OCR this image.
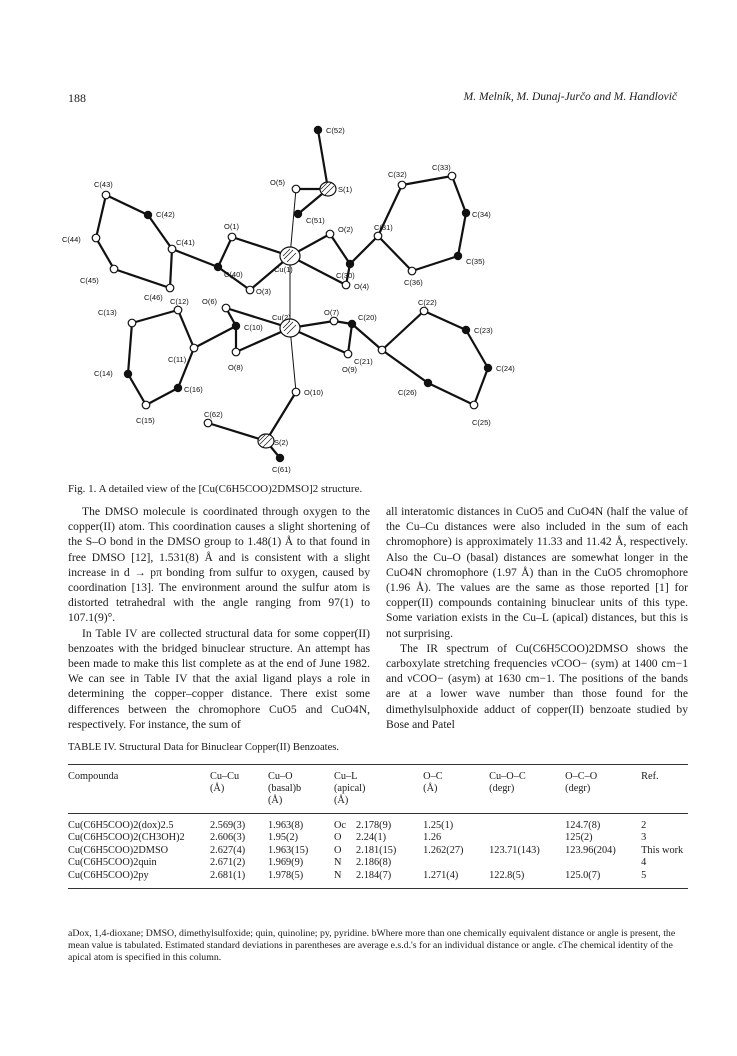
188	M. Melník, M. Dunaj-Jurčo and M. Handlovič
C(52)
C(33)
C(43)	O(5)
S(1)
C(32)
C(42)
C(51)
C(34)
C(44)
O(1)	O(2)	C(31)
C(41)
Cu(1)
C(40)	C(30)
C(35)
C(45)
C(46)
O(3)
O(4)	C(36)
C(12)	C(22)
C(13)
O(6)
O(7)
C(20)
C(10)
Cu(2)
C(23)
C(11)	C(21)
O(8)	O(9)
C(14)
C(24)
C(16)	O(10)	C(26)
C(15)	C(25)
C(62)
S(2)
C(61)
Fig. 1. A detailed view of the [Cu(C6H5COO)2DMSO]2 structure.

The DMSO molecule is coordinated through oxygen to the copper(II) atom. This coordination causes a slight shortening of the S–O bond in the DMSO group to 1.48(1) Å to that found in free DMSO [12], 1.531(8) Å and is consistent with a slight increase in d → pπ bonding from sulfur to oxygen, caused by coordination [13]. The environment around the sulfur atom is distorted tetrahedral with the angle ranging from 97(1) to 107.1(9)°.

In Table IV are collected structural data for some copper(II) benzoates with the bridged binuclear structure. An attempt has been made to make this list complete as at the end of June 1982. We can see in Table IV that the axial ligand plays a role in determining the copper–copper distance. There exist some differences between the chromophore CuO5 and CuO4N, respectively. For instance, the sum of

all interatomic distances in CuO5 and CuO4N (half the value of the Cu–Cu distances were also included in the sum of each chromophore) is approximately 11.33 and 11.42 Å, respectively. Also the Cu–O (basal) distances are somewhat longer in the CuO4N chromophore (1.97 Å) than in the CuO5 chromophore (1.96 Å). The values are the same as those reported [1] for copper(II) compounds containing binuclear units of this type. Some variation exists in the Cu–L (apical) distances, but this is not surprising.

The IR spectrum of Cu(C6H5COO)2DMSO shows the carboxylate stretching frequencies νCOO− (sym) at 1400 cm−1 and νCOO− (asym) at 1630 cm−1. The positions of the bands are at a lower wave number than those found for the dimethylsulphoxide adduct of copper(II) benzoate studied by Bose and Patel

TABLE IV. Structural Data for Binuclear Copper(II) Benzoates.
Compounda	Cu–Cu
(Å)	Cu–O
(basal)b
(Å)	Cu–L
(apical)
(Å)		O–C
(Å)	Cu–O–C
(degr)	O–C–O
(degr)	Ref.
Cu(C6H5COO)2(dox)2.5	2.569(3)	1.963(8)	Oc	2.178(9)	1.25(1)		124.7(8)	2
Cu(C6H5COO)2(CH3OH)2	2.606(3)	1.95(2)	O	2.24(1)	1.26		125(2)	3
Cu(C6H5COO)2DMSO	2.627(4)	1.963(15)	O	2.181(15)	1.262(27)	123.71(143)	123.96(204)	This work
Cu(C6H5COO)2quin	2.671(2)	1.969(9)	N	2.186(8)				4
Cu(C6H5COO)2py	2.681(1)	1.978(5)	N	2.184(7)	1.271(4)	122.8(5)	125.0(7)	5

aDox, 1,4-dioxane; DMSO, dimethylsulfoxide; quin, quinoline; py, pyridine. bWhere more than one chemically equivalent distance or angle is present, the mean value is tabulated. Estimated standard deviations in parentheses are average e.s.d.'s for an individual distance or angle. cThe chemical identity of the apical atom is specified in this column.
